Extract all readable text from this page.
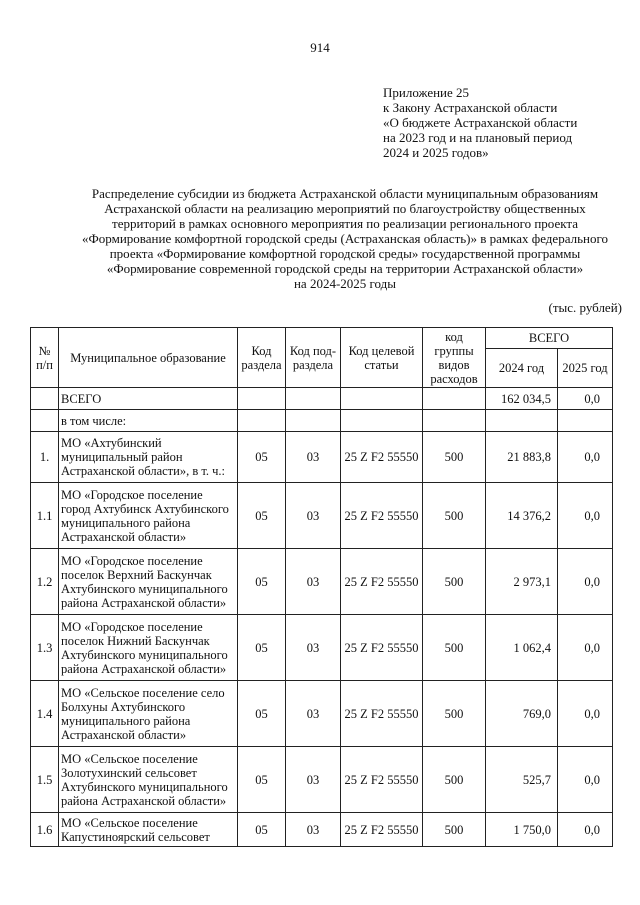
914
Приложение 25
к Закону Астраханской области
«О бюджете Астраханской области
на 2023 год и на плановый период
2024 и 2025 годов»
Распределение субсидии из бюджета Астраханской области муниципальным образованиям
Астраханской области на реализацию мероприятий по благоустройству общественных
территорий в рамках основного мероприятия по реализации регионального проекта
«Формирование комфортной городской среды (Астраханская область)» в рамках федерального
проекта «Формирование комфортной городской среды» государственной программы
«Формирование современной городской среды на территории Астраханской области»
на 2024-2025 годы
(тыс. рублей)
№ п/п	Муниципальное образование	Код раздела	Код под-раздела	Код целевой статьи	код группы видов расходов	ВСЕГО	
						2024 год	2025 год
	ВСЕГО					162 034,5	0,0
	в том числе:						
1.	МО «Ахтубинский муниципальный район Астраханской области», в т. ч.:	05	03	25 Z F2 55550	500	21 883,8	0,0
1.1	МО «Городское поселение город Ахтубинск Ахтубинского муниципального района Астраханской области»	05	03	25 Z F2 55550	500	14 376,2	0,0
1.2	МО «Городское поселение поселок Верхний Баскунчак Ахтубинского муниципального района Астраханской области»	05	03	25 Z F2 55550	500	2 973,1	0,0
1.3	МО «Городское поселение поселок Нижний Баскунчак Ахтубинского муниципального района Астраханской области»	05	03	25 Z F2 55550	500	1 062,4	0,0
1.4	МО «Сельское поселение село Болхуны Ахтубинского муниципального района Астраханской области»	05	03	25 Z F2 55550	500	769,0	0,0
1.5	МО «Сельское поселение Золотухинский сельсовет Ахтубинского муниципального района Астраханской области»	05	03	25 Z F2 55550	500	525,7	0,0
1.6	МО «Сельское поселение Капустиноярский сельсовет	05	03	25 Z F2 55550	500	1 750,0	0,0
